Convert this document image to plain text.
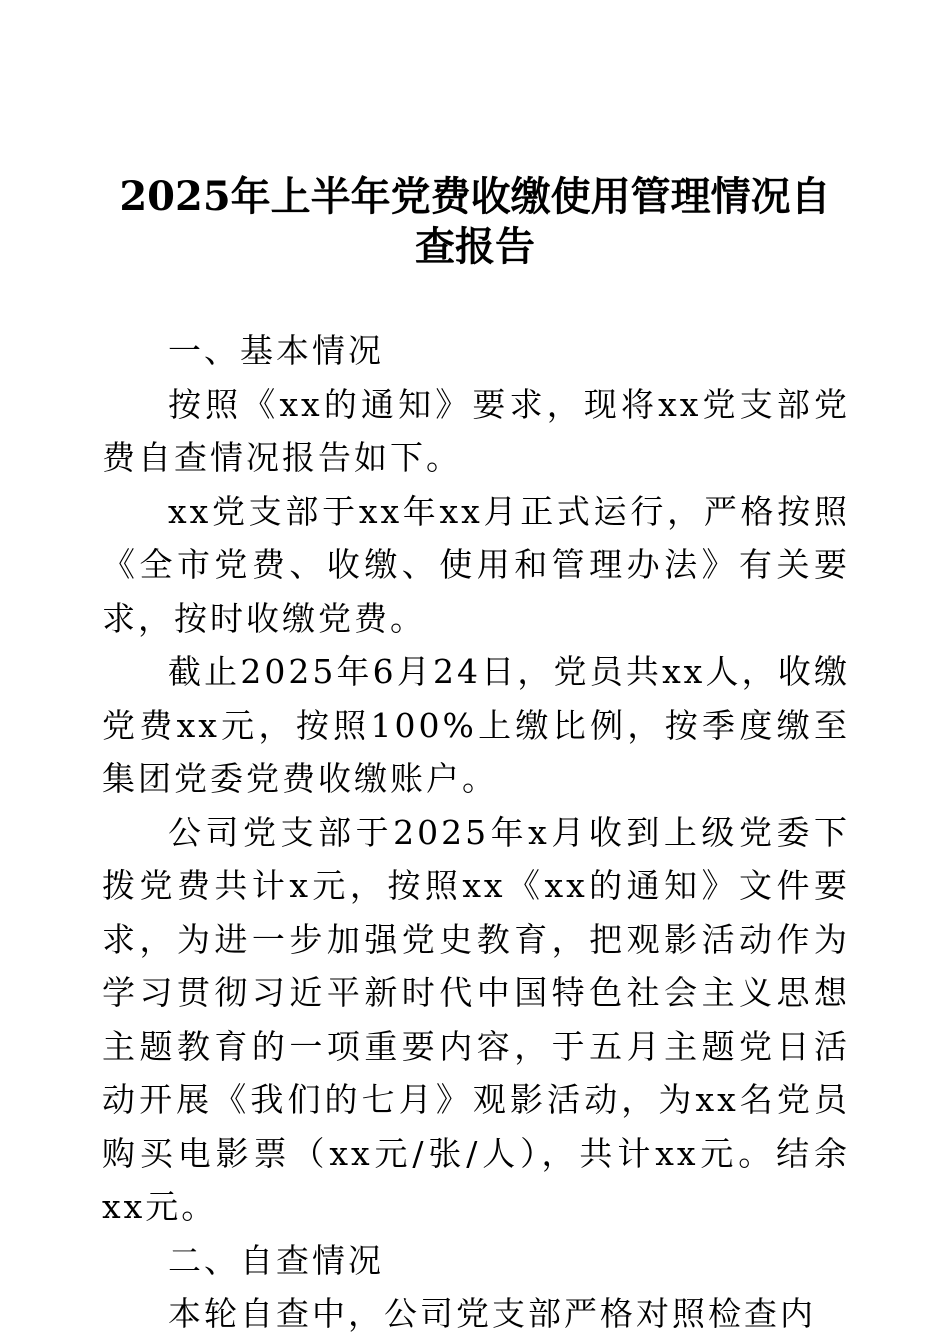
2025年上半年党费收缴使用管理情况自查报告

一、基本情况

按照《xx的通知》要求，现将xx党支部党费自查情况报告如下。

xx党支部于xx年xx月正式运行，严格按照《全市党费、收缴、使用和管理办法》有关要求，按时收缴党费。

截止2025年6月24日，党员共xx人，收缴党费xx元，按照100%上缴比例，按季度缴至集团党委党费收缴账户。

公司党支部于2025年x月收到上级党委下拨党费共计x元，按照xx《xx的通知》文件要求，为进一步加强党史教育，把观影活动作为学习贯彻习近平新时代中国特色社会主义思想主题教育的一项重要内容，于五月主题党日活动开展《我们的七月》观影活动，为xx名党员购买电影票（xx元/张/人），共计xx元。结余xx元。

二、自查情况

本轮自查中，公司党支部严格对照检查内
